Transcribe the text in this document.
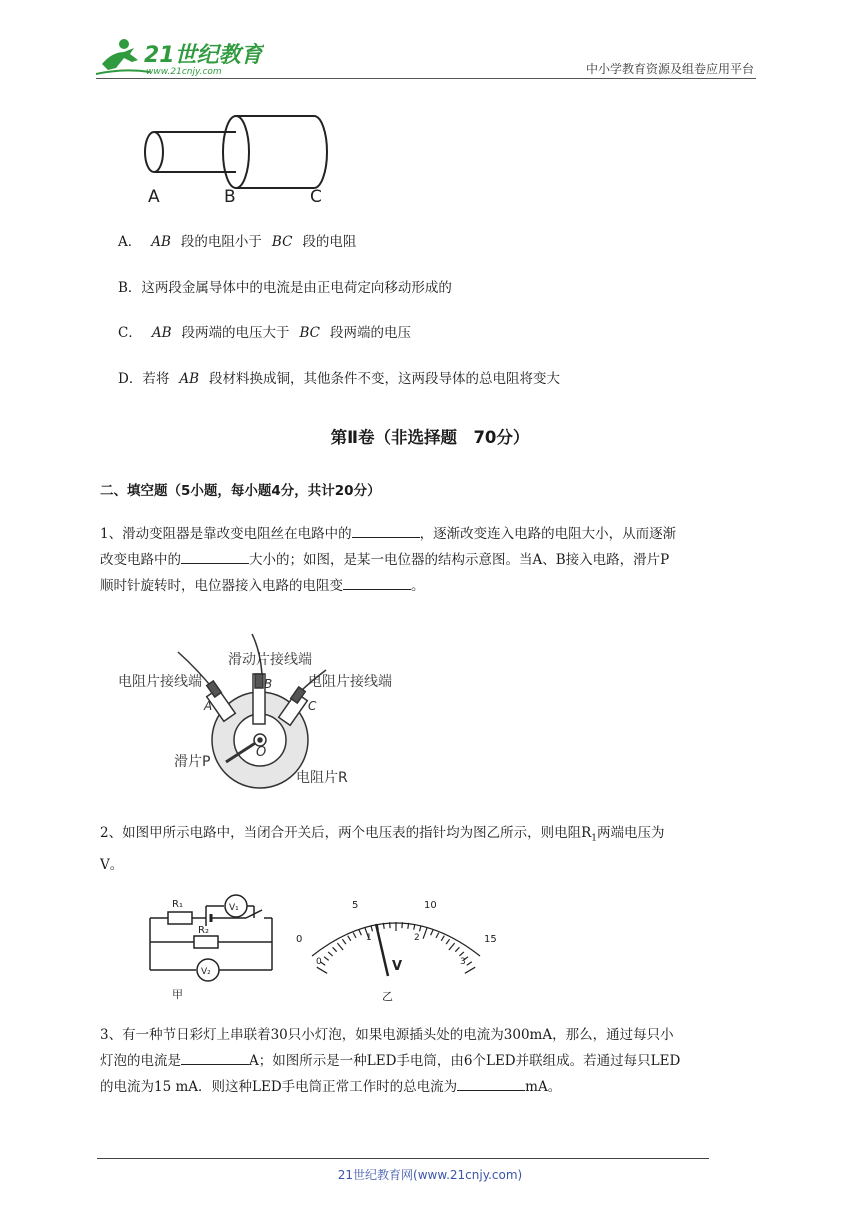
21世纪教育
www.21cnjy.com	中小学教育资源及组卷应用平台
A	B	C
A． AB 段的电阻小于 BC 段的电阻
B．这两段金属导体中的电流是由正电荷定向移动形成的
C． AB 段两端的电压大于 BC 段两端的电压
D．若将 AB 段材料换成铜，其他条件不变，这两段导体的总电阻将变大
第Ⅱ卷（非选择题　70分）
二、填空题（5小题，每小题4分，共计20分）
1、滑动变阻器是靠改变电阻丝在电路中的	，逐渐改变连入电路的电阻大小，从而逐渐
改变电路中的	大小的；如图，是某一电位器的结构示意图。当A、B接入电路，滑片P
顺时针旋转时，电位器接入电路的电阻变	。
滑动片接线端
电阻片接线端	电阻片接线端
A
B
C
O
滑片P
电阻片R
2、如图甲所示电路中，当闭合开关后，两个电压表的指针均为图乙所示，则电阻$R_1$两端电压为
V。
R₁
R₂
V₁
V₂
甲
0
5	10
15
0
1	2
3
V
乙
3、有一种节日彩灯上串联着30只小灯泡，如果电源插头处的电流为300mA，那么，通过每只小
灯泡的电流是	A；如图所示是一种LED手电筒，由6个LED并联组成。若通过每只LED
的电流为15 mA．则这种LED手电筒正常工作时的总电流为	mA。
21世纪教育网(www.21cnjy.com)
